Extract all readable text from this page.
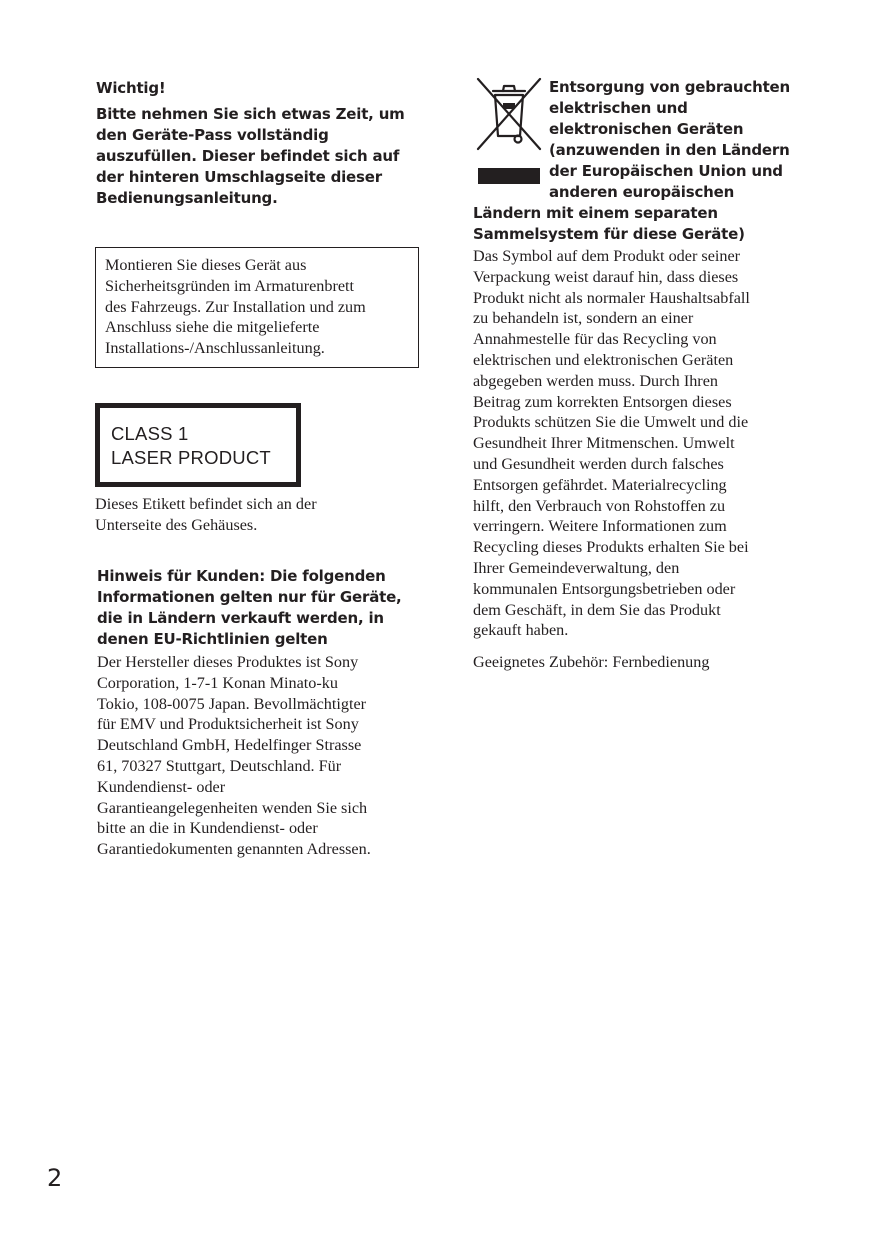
Wichtig!
Bitte nehmen Sie sich etwas Zeit, um
den Geräte-Pass vollständig
auszufüllen. Dieser befindet sich auf
der hinteren Umschlagseite dieser
Bedienungsanleitung.
Montieren Sie dieses Gerät aus
Sicherheitsgründen im Armaturenbrett
des Fahrzeugs. Zur Installation und zum
Anschluss siehe die mitgelieferte
Installations-/Anschlussanleitung.
CLASS 1
LASER PRODUCT
Dieses Etikett befindet sich an der
Unterseite des Gehäuses.
Hinweis für Kunden: Die folgenden
Informationen gelten nur für Geräte,
die in Ländern verkauft werden, in
denen EU-Richtlinien gelten
Der Hersteller dieses Produktes ist Sony
Corporation, 1-7-1 Konan Minato-ku
Tokio, 108-0075 Japan. Bevollmächtigter
für EMV und Produktsicherheit ist Sony
Deutschland GmbH, Hedelfinger Strasse
61, 70327 Stuttgart, Deutschland. Für
Kundendienst- oder
Garantieangelegenheiten wenden Sie sich
bitte an die in Kundendienst- oder
Garantiedokumenten genannten Adressen.
Entsorgung von gebrauchten
elektrischen und
elektronischen Geräten
(anzuwenden in den Ländern
der Europäischen Union und
anderen europäischen
Ländern mit einem separaten
Sammelsystem für diese Geräte)
Das Symbol auf dem Produkt oder seiner
Verpackung weist darauf hin, dass dieses
Produkt nicht als normaler Haushaltsabfall
zu behandeln ist, sondern an einer
Annahmestelle für das Recycling von
elektrischen und elektronischen Geräten
abgegeben werden muss. Durch Ihren
Beitrag zum korrekten Entsorgen dieses
Produkts schützen Sie die Umwelt und die
Gesundheit Ihrer Mitmenschen. Umwelt
und Gesundheit werden durch falsches
Entsorgen gefährdet. Materialrecycling
hilft, den Verbrauch von Rohstoffen zu
verringern. Weitere Informationen zum
Recycling dieses Produkts erhalten Sie bei
Ihrer Gemeindeverwaltung, den
kommunalen Entsorgungsbetrieben oder
dem Geschäft, in dem Sie das Produkt
gekauft haben.
Geeignetes Zubehör: Fernbedienung
2
